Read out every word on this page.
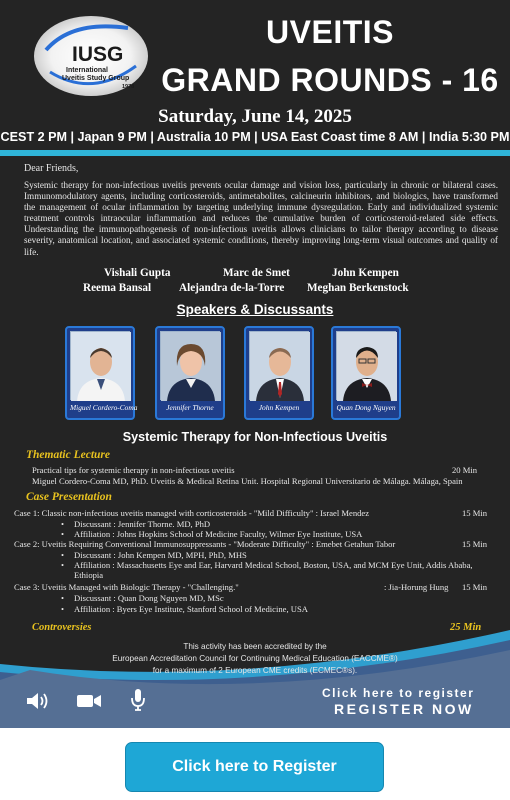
IUSG
International
Uveitis Study Group
1978
UVEITIS
GRAND ROUNDS - 16
Saturday, June 14, 2025
CEST 2 PM | Japan 9 PM | Australia 10 PM | USA East Coast time 8 AM | India 5:30 PM
Dear Friends,
Systemic therapy for non-infectious uveitis prevents ocular damage and vision loss, particularly in chronic or bilateral cases. Immunomodulatory agents, including corticosteroids, antimetabolites, calcineurin inhibitors, and biologics, have transformed the management of ocular inflammation by targeting underlying immune dysregulation. Early and individualized systemic treatment controls intraocular inflammation and reduces the cumulative burden of corticosteroid-related side effects. Understanding the immunopathogenesis of non-infectious uveitis allows clinicians to tailor therapy according to disease severity, anatomical location, and associated systemic conditions, thereby improving long-term visual outcomes and quality of life.
Vishali Gupta	Marc de Smet	John Kempen
Reema Bansal Alejandra de-la-Torre Meghan Berkenstock
Speakers & Discussants
Miguel Cordero-Coma	Jennifer Thorne	John Kempen	Quan Dong Nguyen
Systemic Therapy for Non-Infectious Uveitis
Thematic Lecture
Practical tips for systemic therapy in non-infectious uveitis	20 Min
Miguel Cordero-Coma MD, PhD. Uveitis & Medical Retina Unit. Hospital Regional Universitario de Málaga. Málaga, Spain
Case Presentation
Case 1: Classic non-infectious uveitis managed with corticosteroids - "Mild Difficulty" : Israel Mendez	15 Min
• Discussant : Jennifer Thorne. MD, PhD
• Affiliation : Johns Hopkins School of Medicine Faculty, Wilmer Eye Institute, USA
Case 2: Uveitis Requiring Conventional Immunosuppressants - "Moderate Difficulty" : Emebet Getahun Tabor	15 Min
• Discussant : John Kempen MD, MPH, PhD, MHS
• Affiliation : Massachusetts Eye and Ear, Harvard Medical School, Boston, USA, and MCM Eye Unit, Addis Ababa, Ethiopia
Case 3: Uveitis Managed with Biologic Therapy - "Challenging."	: Jia-Horung Hung 15 Min
• Discussant : Quan Dong Nguyen MD, MSc
• Affiliation : Byers Eye Institute, Stanford School of Medicine, USA
Controversies	25 Min
This activity has been accredited by the
European Accreditation Council for Continuing Medical Education (EACCME®)
for a maximum of 2 European CME credits (ECMEC®s).
Click here to register
REGISTER NOW
Click here to Register
